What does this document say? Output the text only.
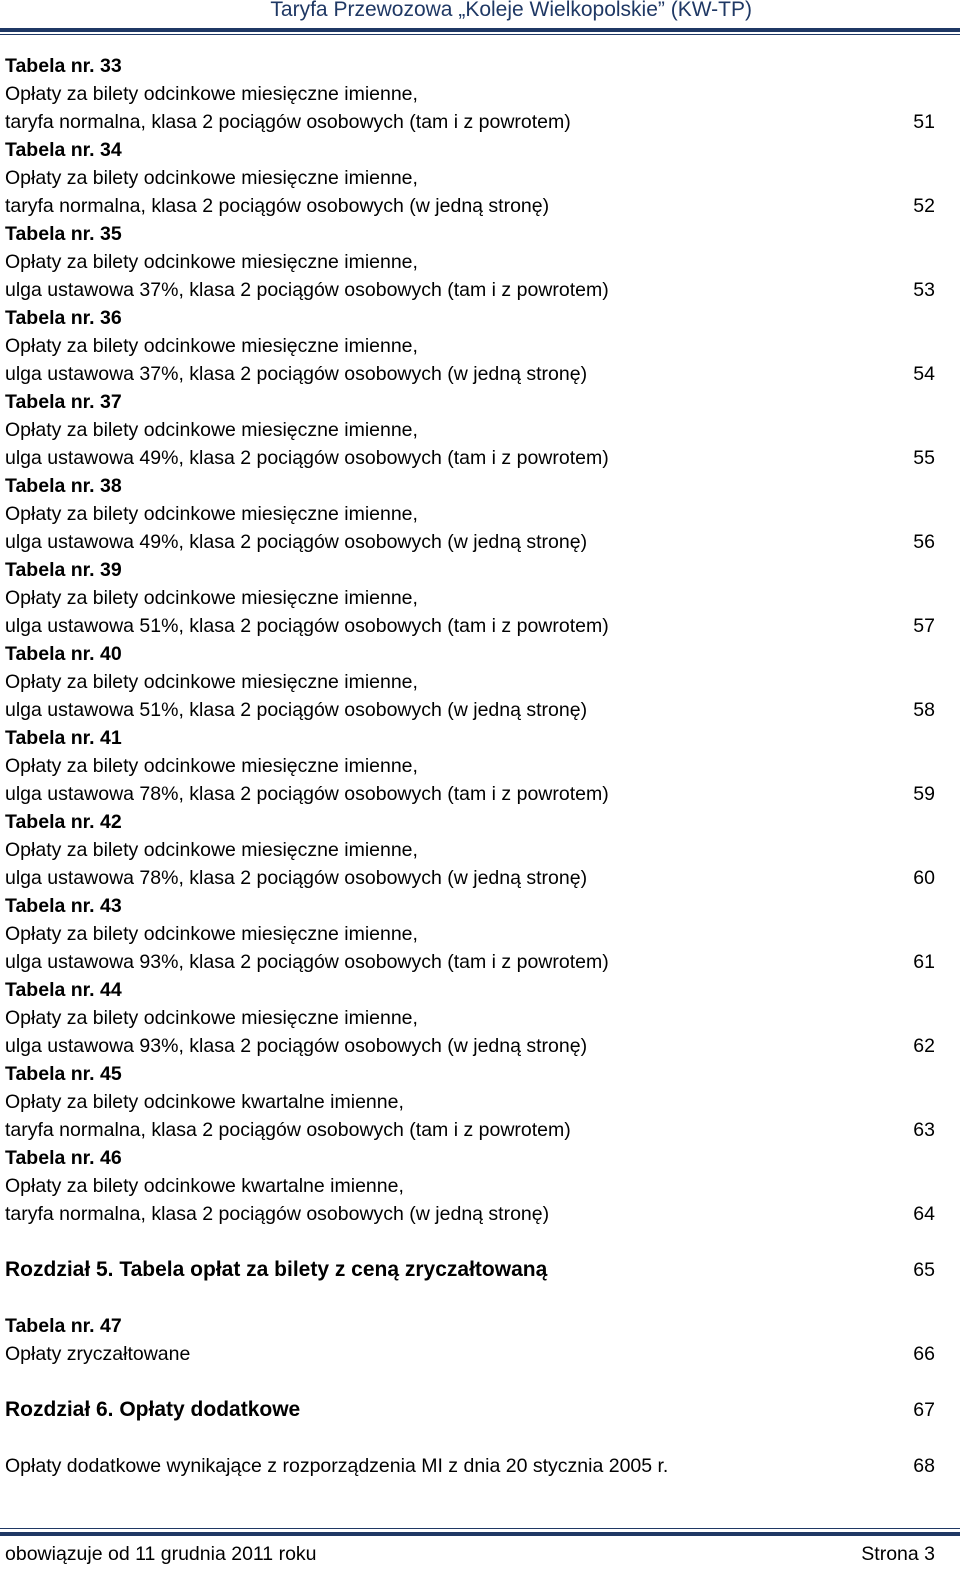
Taryfa Przewozowa „Koleje Wielkopolskie” (KW-TP)
Tabela nr. 33
Opłaty za bilety odcinkowe miesięczne imienne,
taryfa normalna, klasa 2 pociągów osobowych (tam i z powrotem)	51
Tabela nr. 34
Opłaty za bilety odcinkowe miesięczne imienne,
taryfa normalna, klasa 2 pociągów osobowych (w jedną stronę)	52
Tabela nr. 35
Opłaty za bilety odcinkowe miesięczne imienne,
ulga ustawowa 37%, klasa 2 pociągów osobowych (tam i z powrotem)	53
Tabela nr. 36
Opłaty za bilety odcinkowe miesięczne imienne,
ulga ustawowa 37%, klasa 2 pociągów osobowych (w jedną stronę)	54
Tabela nr. 37
Opłaty za bilety odcinkowe miesięczne imienne,
ulga ustawowa 49%, klasa 2 pociągów osobowych (tam i z powrotem)	55
Tabela nr. 38
Opłaty za bilety odcinkowe miesięczne imienne,
ulga ustawowa 49%, klasa 2 pociągów osobowych (w jedną stronę)	56
Tabela nr. 39
Opłaty za bilety odcinkowe miesięczne imienne,
ulga ustawowa 51%, klasa 2 pociągów osobowych (tam i z powrotem)	57
Tabela nr. 40
Opłaty za bilety odcinkowe miesięczne imienne,
ulga ustawowa 51%, klasa 2 pociągów osobowych (w jedną stronę)	58
Tabela nr. 41
Opłaty za bilety odcinkowe miesięczne imienne,
ulga ustawowa 78%, klasa 2 pociągów osobowych (tam i z powrotem)	59
Tabela nr. 42
Opłaty za bilety odcinkowe miesięczne imienne,
ulga ustawowa 78%, klasa 2 pociągów osobowych (w jedną stronę)	60
Tabela nr. 43
Opłaty za bilety odcinkowe miesięczne imienne,
ulga ustawowa 93%, klasa 2 pociągów osobowych (tam i z powrotem)	61
Tabela nr. 44
Opłaty za bilety odcinkowe miesięczne imienne,
ulga ustawowa 93%, klasa 2 pociągów osobowych (w jedną stronę)	62
Tabela nr. 45
Opłaty za bilety odcinkowe kwartalne imienne,
taryfa normalna, klasa 2 pociągów osobowych (tam i z powrotem)	63
Tabela nr. 46
Opłaty za bilety odcinkowe kwartalne imienne,
taryfa normalna, klasa 2 pociągów osobowych (w jedną stronę)	64
Rozdział 5. Tabela opłat za bilety z ceną zryczałtowaną	65
Tabela nr. 47
Opłaty zryczałtowane	66
Rozdział 6. Opłaty dodatkowe	67
Opłaty dodatkowe wynikające z rozporządzenia MI z dnia 20 stycznia 2005 r.	68
obowiązuje od 11 grudnia 2011 roku	Strona 3
